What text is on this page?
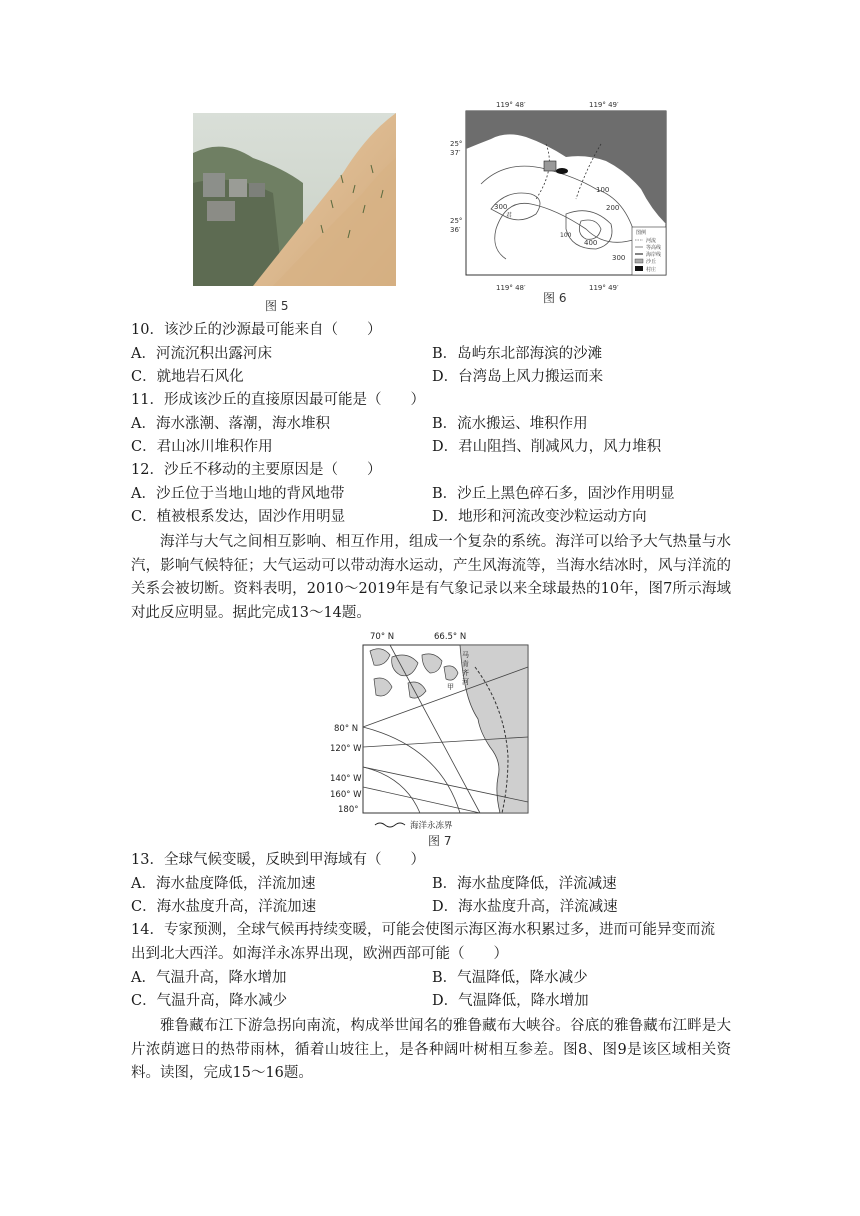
图 5
119° 48′	119° 49′
119° 48′	119° 49′
25°
37′
25°
36′
100
200
300
300
400
100
君
图例
河流
等高线
海岸线
沙丘
村庄
图 6
10．该沙丘的沙源最可能来自（　　）
A．河流沉积出露河床	B．岛屿东北部海滨的沙滩
C．就地岩石风化	D．台湾岛上风力搬运而来
11．形成该沙丘的直接原因最可能是（　　）
A．海水涨潮、落潮，海水堆积	B．流水搬运、堆积作用
C．君山冰川堆积作用	D．君山阻挡、削减风力，风力堆积
12．沙丘不移动的主要原因是（　　）
A．沙丘位于当地山地的背风地带	B．沙丘上黑色碎石多，固沙作用明显
C．植被根系发达，固沙作用明显	D．地形和河流改变沙粒运动方向

海洋与大气之间相互影响、相互作用，组成一个复杂的系统。海洋可以给予大气热量与水汽，影响气候特征；大气运动可以带动海水运动，产生风海流等，当海水结冰时，风与洋流的关系会被切断。资料表明，2010～2019年是有气象记录以来全球最热的10年，图7所示海域对此反应明显。据此完成13～14题。

70° N	66.5° N
80° N
120° W
140° W
160° W
180°
甲
马
肯
齐
河
海洋永冻界
图 7
13．全球气候变暖，反映到甲海域有（　　）
A．海水盐度降低，洋流加速	B．海水盐度降低，洋流减速
C．海水盐度升高，洋流加速	D．海水盐度升高，洋流减速
14．专家预测，全球气候再持续变暖，可能会使图示海区海水积累过多，进而可能异变而流
出到北大西洋。如海洋永冻界出现，欧洲西部可能（　　）
A．气温升高，降水增加	B．气温降低，降水减少
C．气温升高，降水减少	D．气温降低，降水增加

雅鲁藏布江下游急拐向南流，构成举世闻名的雅鲁藏布大峡谷。谷底的雅鲁藏布江畔是大片浓荫遮日的热带雨林，循着山坡往上，是各种阔叶树相互参差。图8、图9是该区域相关资料。读图，完成15～16题。
